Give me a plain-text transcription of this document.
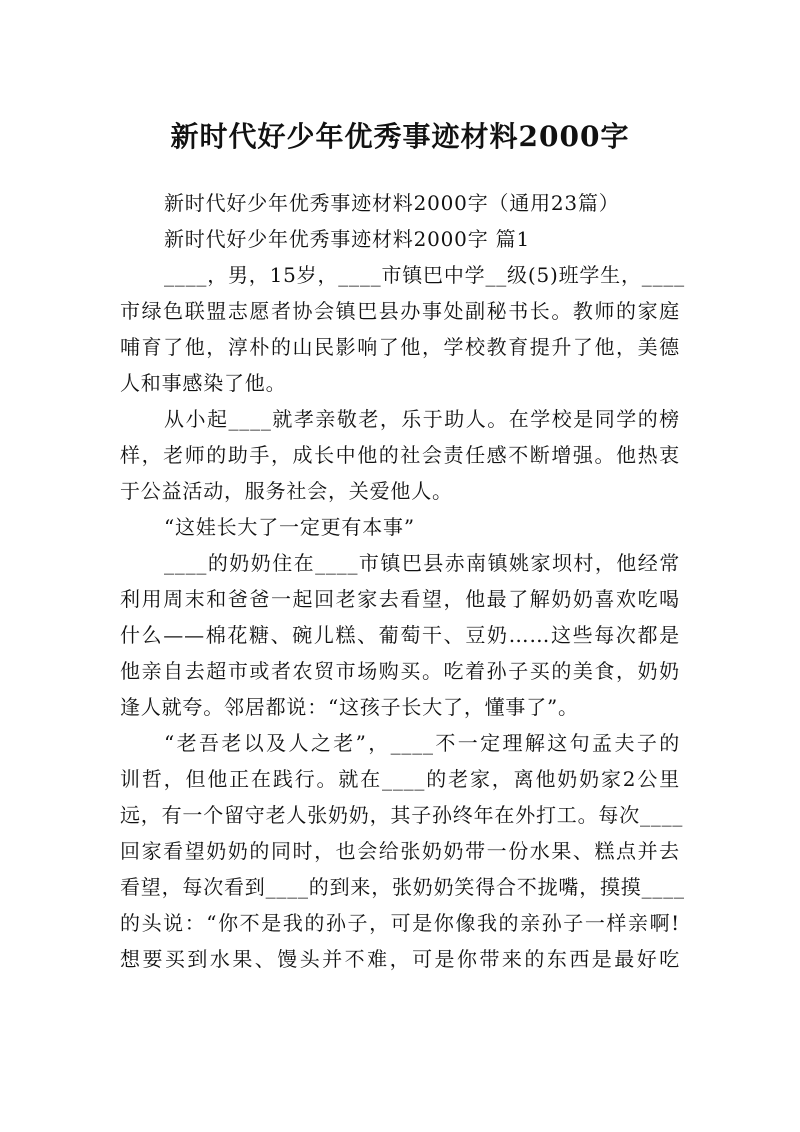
新时代好少年优秀事迹材料2000字

新时代好少年优秀事迹材料2000字（通用23篇）

新时代好少年优秀事迹材料2000字 篇1

____，男，15岁，____市镇巴中学__级(5)班学生，____
市绿色联盟志愿者协会镇巴县办事处副秘书长。教师的家庭
哺育了他，淳朴的山民影响了他，学校教育提升了他，美德
人和事感染了他。

从小起____就孝亲敬老，乐于助人。在学校是同学的榜
样，老师的助手，成长中他的社会责任感不断增强。他热衷
于公益活动，服务社会，关爱他人。

“这娃长大了一定更有本事”

____的奶奶住在____市镇巴县赤南镇姚家坝村，他经常
利用周末和爸爸一起回老家去看望，他最了解奶奶喜欢吃喝
什么——棉花糖、碗儿糕、葡萄干、豆奶……这些每次都是
他亲自去超市或者农贸市场购买。吃着孙子买的美食，奶奶
逢人就夸。邻居都说：“这孩子长大了，懂事了”。

“老吾老以及人之老”，____不一定理解这句孟夫子的
训哲，但他正在践行。就在____的老家，离他奶奶家2公里
远，有一个留守老人张奶奶，其子孙终年在外打工。每次____
回家看望奶奶的同时，也会给张奶奶带一份水果、糕点并去
看望，每次看到____的到来，张奶奶笑得合不拢嘴，摸摸____
的头说：“你不是我的孙子，可是你像我的亲孙子一样亲啊!
想要买到水果、馒头并不难，可是你带来的东西是最好吃
